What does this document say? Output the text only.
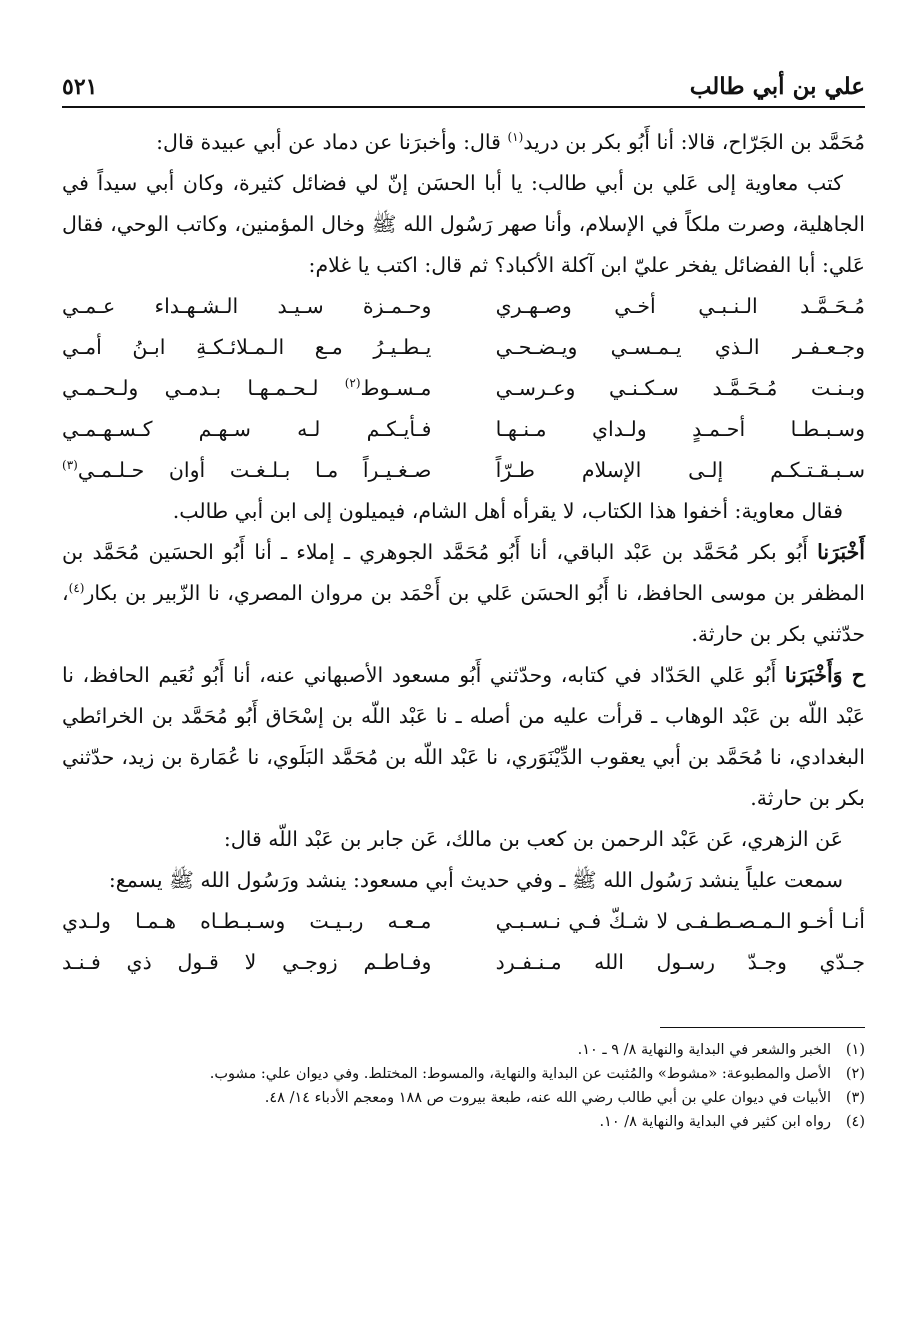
علي بن أبي طالب
٥٢١

مُحَمَّد بن الجَرّاح، قالا: أنا أَبُو بكر بن دريد$^{(١)}$ قال: وأخبرَنا عن دماد عن أبي عبيدة قال:

كتب معاوية إلى عَلي بن أبي طالب: يا أبا الحسَن إنّ لي فضائل كثيرة، وكان أبي سيداً في الجاهلية، وصرت ملكاً في الإسلام، وأنا صهر رَسُول الله ﷺ وخال المؤمنين، وكاتب الوحي، فقال عَلي: أبا الفضائل يفخر عليّ ابن آكلة الأكباد؟ ثم قال: اكتب يا غلام:

مُـحَـمَّـد الـنـبـي أخـي وصـهـري
وحـمـزة سـيـد الـشـهـداء عـمـي
وجـعـفـر الـذي يـمـسـي ويـضـحـي
يـطـيـرُ مـع الـمـلائـكـةِ ابـنُ أمـي
وبـنـت مُـحَـمَّـد سـكـنـي وعـرسـي
مـسـوط$^{(٢)}$ لـحـمـهـا بـدمـي ولـحـمـي
وسـبـطـا أحـمـدٍ ولـداي مـنـهـا
فـأيـكـم لـه سـهـم كـسـهـمـي
سـبـقـتـكـم إلـى الإسلام طـرّاً
صـغـيـراً مـا بـلـغـت أوان حـلـمـي$^{(٣)}$

فقال معاوية: أخفوا هذا الكتاب، لا يقرأه أهل الشام، فيميلون إلى ابن أبي طالب.

أَخْبَرَنا أَبُو بكر مُحَمَّد بن عَبْد الباقي، أنا أَبُو مُحَمَّد الجوهري ـ إملاء ـ أنا أَبُو الحسَين مُحَمَّد بن المظفر بن موسى الحافظ، نا أَبُو الحسَن عَلي بن أَحْمَد بن مروان المصري، نا الزّبير بن بكار$^{(٤)}$، حدّثني بكر بن حارثة.

ح وَأَخْبَرَنا أَبُو عَلي الحَدّاد في كتابه، وحدّثني أَبُو مسعود الأصبهاني عنه، أنا أَبُو نُعَيم الحافظ، نا عَبْد اللّه بن عَبْد الوهاب ـ قرأت عليه من أصله ـ نا عَبْد اللّه بن إسْحَاق أَبُو مُحَمَّد بن الخرائطي البغدادي، نا مُحَمَّد بن أبي يعقوب الدِّيْنَوَري، نا عَبْد اللّه بن مُحَمَّد البَلَوي، نا عُمَارة بن زيد، حدّثني بكر بن حارثة.

عَن الزهري، عَن عَبْد الرحمن بن كعب بن مالك، عَن جابر بن عَبْد اللّه قال:

سمعت علياً ينشد رَسُول الله ﷺ ـ وفي حديث أبي مسعود: ينشد ورَسُول الله ﷺ يسمع:

أنـا أخـو الـمـصـطـفـى لا شـكّ فـي نـسـبـي
مـعـه ربـيـت وسـبـطـاه هـمـا ولـدي
جـدّي وجـدّ رسـول الله مـنـفـرد
وفـاطـم زوجـي لا قـول ذي فـنـد

(١)الخبر والشعر في البداية والنهاية ٨/ ٩ ـ ١٠.

(٢)الأصل والمطبوعة: «مشوط» والمُثبت عن البداية والنهاية، والمسوط: المختلط. وفي ديوان علي: مشوب.

(٣)الأبيات في ديوان علي بن أبي طالب رضي الله عنه، طبعة بيروت ص ١٨٨ ومعجم الأدباء ١٤/ ٤٨.

(٤)رواه ابن كثير في البداية والنهاية ٨/ ١٠.
